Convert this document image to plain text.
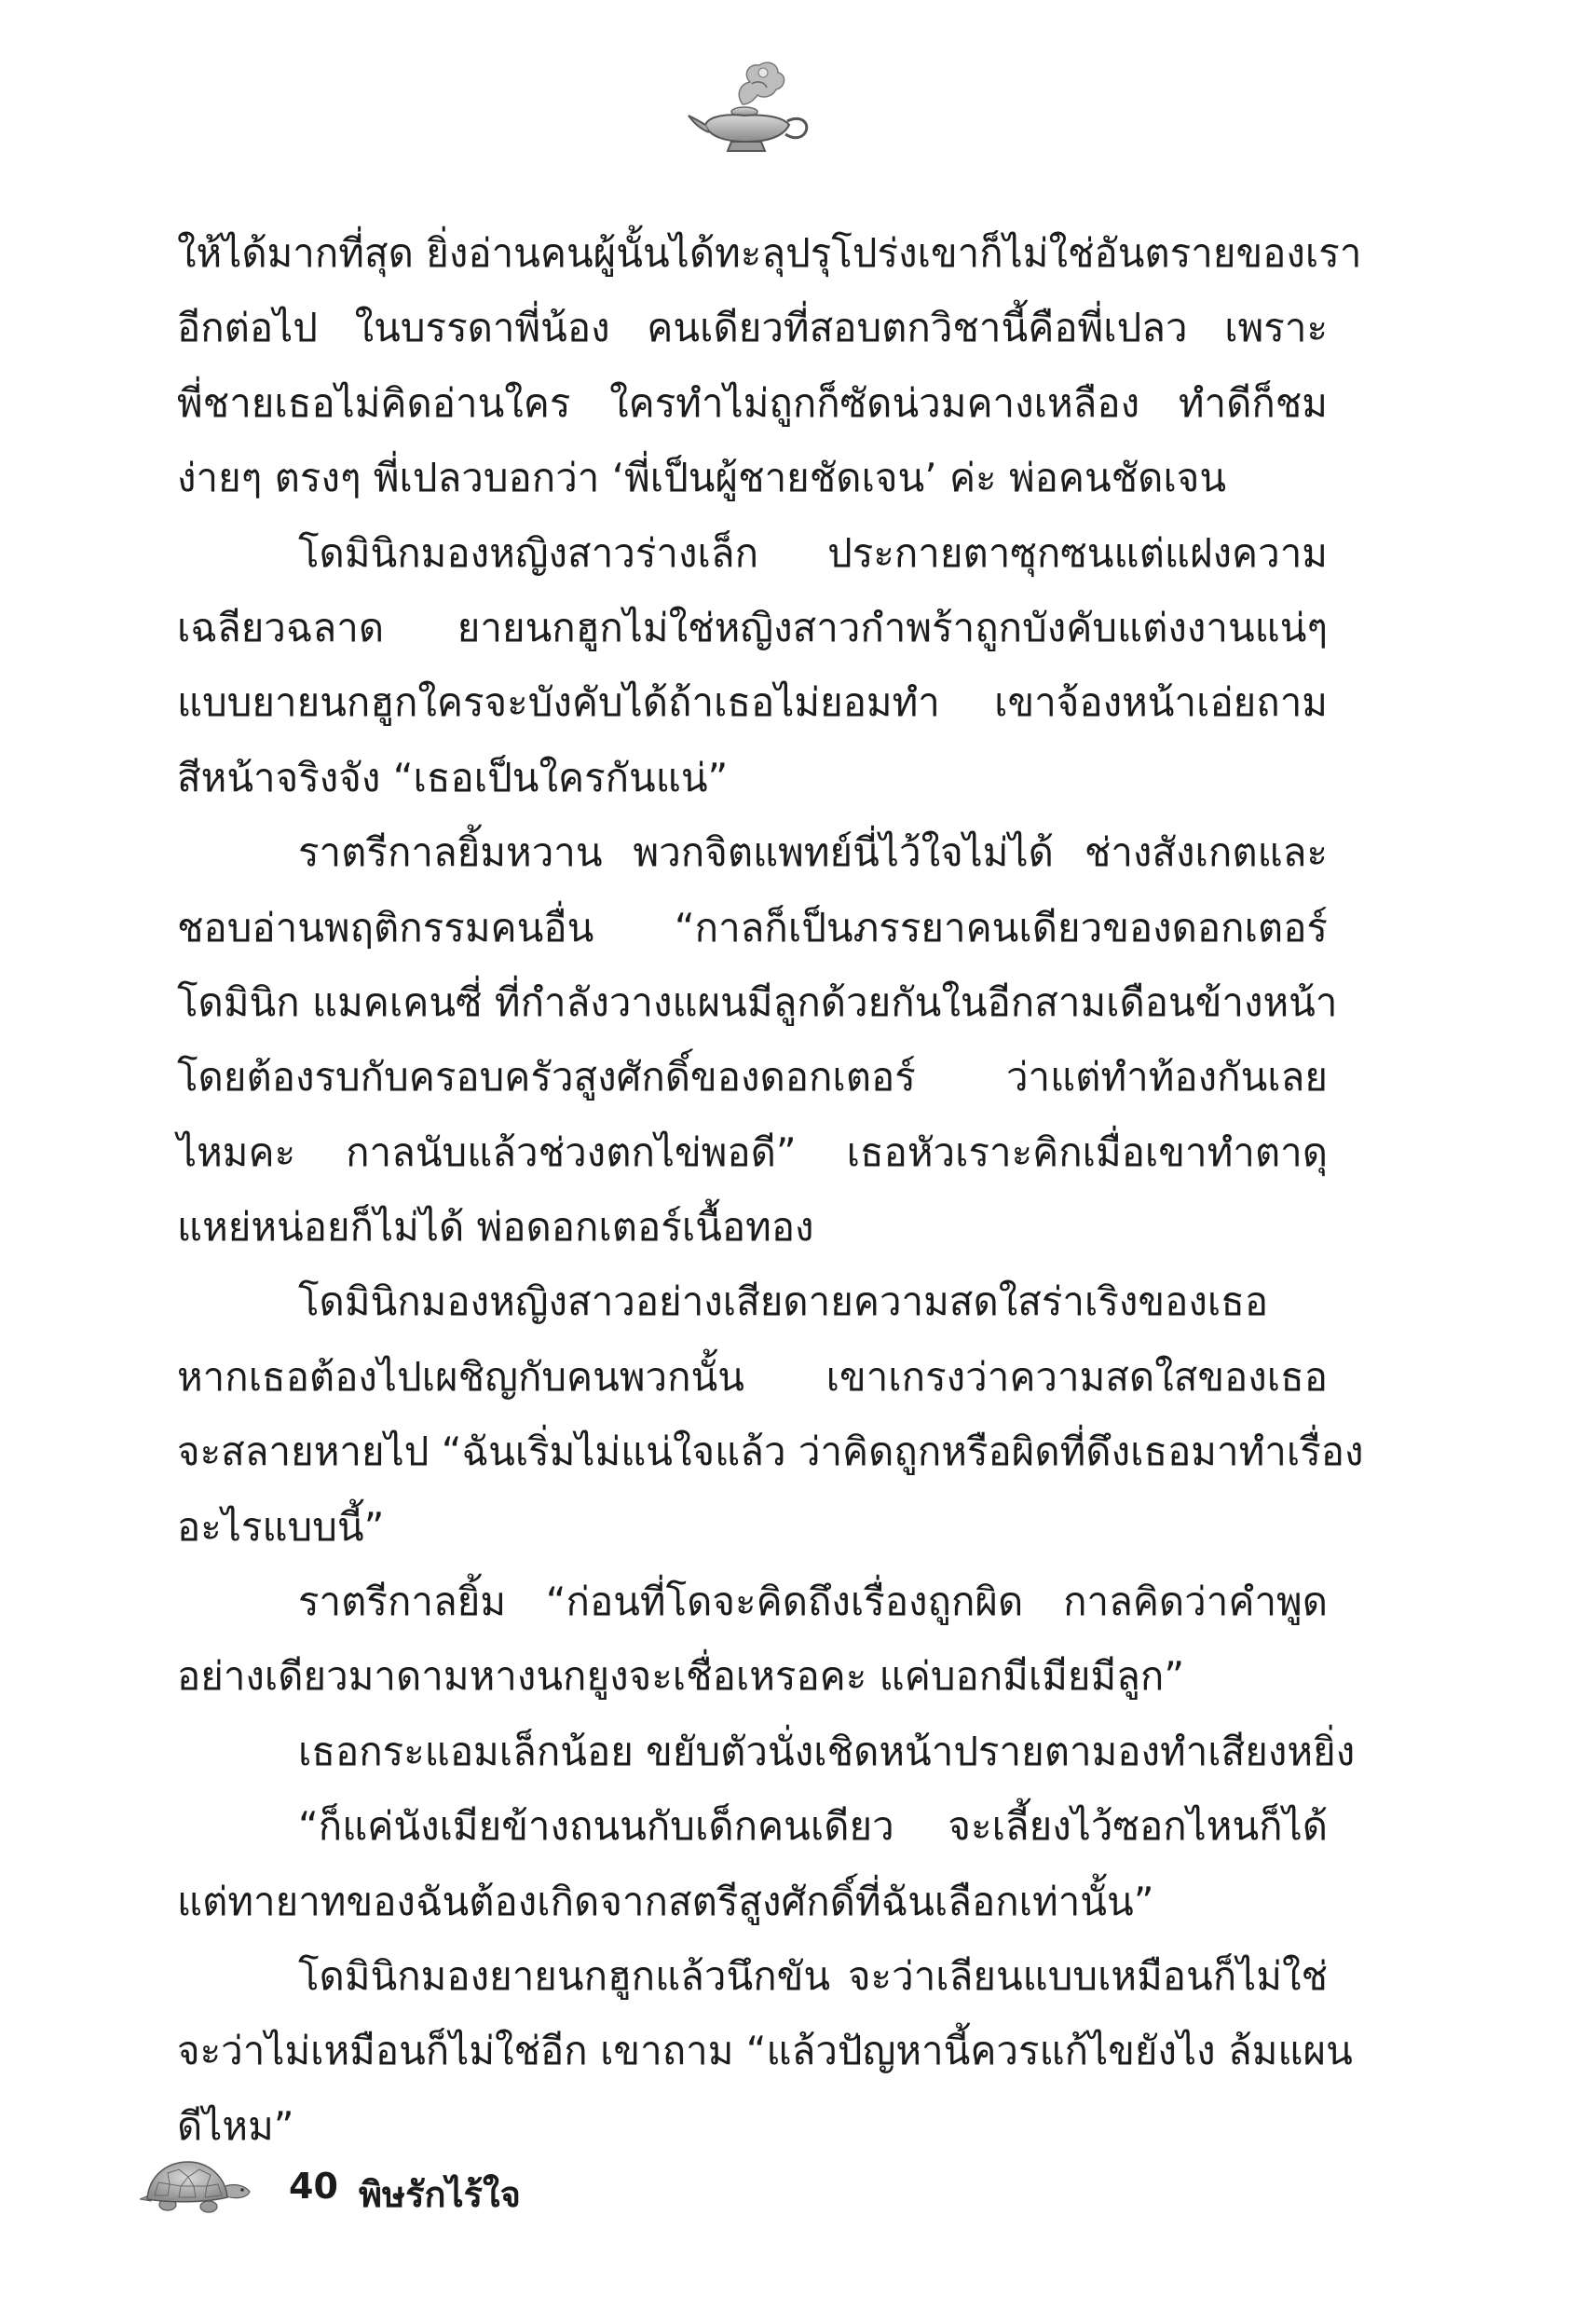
ให้ได้มากที่สุด ยิ่งอ่านคนผู้นั้นได้ทะลุปรุโปร่งเขาก็ไม่ใช่อันตรายของเรา
อีกต่อไป ในบรรดาพี่น้อง คนเดียวที่สอบตกวิชานี้คือพี่เปลว เพราะ
พี่ชายเธอไม่คิดอ่านใคร ใครทำไม่ถูกก็ซัดน่วมคางเหลือง ทำดีก็ชม
ง่ายๆ ตรงๆ พี่เปลวบอกว่า ‘พี่เป็นผู้ชายชัดเจน’ ค่ะ พ่อคนชัดเจน
โดมินิกมองหญิงสาวร่างเล็ก ประกายตาซุกซนแต่แฝงความ
เฉลียวฉลาด ยายนกฮูกไม่ใช่หญิงสาวกำพร้าถูกบังคับแต่งงานแน่ๆ
แบบยายนกฮูกใครจะบังคับได้ถ้าเธอไม่ยอมทำ เขาจ้องหน้าเอ่ยถาม
สีหน้าจริงจัง “เธอเป็นใครกันแน่”
ราตรีกาลยิ้มหวาน พวกจิตแพทย์นี่ไว้ใจไม่ได้ ช่างสังเกตและ
ชอบอ่านพฤติกรรมคนอื่น “กาลก็เป็นภรรยาคนเดียวของดอกเตอร์
โดมินิก แมคเคนซี่ ที่กำลังวางแผนมีลูกด้วยกันในอีกสามเดือนข้างหน้า
โดยต้องรบกับครอบครัวสูงศักดิ์ของดอกเตอร์ ว่าแต่ทำท้องกันเลย
ไหมคะ กาลนับแล้วช่วงตกไข่พอดี” เธอหัวเราะคิกเมื่อเขาทำตาดุ
แหย่หน่อยก็ไม่ได้ พ่อดอกเตอร์เนื้อทอง
โดมินิกมองหญิงสาวอย่างเสียดายความสดใสร่าเริงของเธอ
หากเธอต้องไปเผชิญกับคนพวกนั้น เขาเกรงว่าความสดใสของเธอ
จะสลายหายไป “ฉันเริ่มไม่แน่ใจแล้ว ว่าคิดถูกหรือผิดที่ดึงเธอมาทำเรื่อง
อะไรแบบนี้”
ราตรีกาลยิ้ม “ก่อนที่โดจะคิดถึงเรื่องถูกผิด กาลคิดว่าคำพูด
อย่างเดียวมาดามหางนกยูงจะเชื่อเหรอคะ แค่บอกมีเมียมีลูก”
เธอกระแอมเล็กน้อย ขยับตัวนั่งเชิดหน้าปรายตามองทำเสียงหยิ่ง
“ก็แค่นังเมียข้างถนนกับเด็กคนเดียว จะเลี้ยงไว้ซอกไหนก็ได้
แต่ทายาทของฉันต้องเกิดจากสตรีสูงศักดิ์ที่ฉันเลือกเท่านั้น”
โดมินิกมองยายนกฮูกแล้วนึกขัน จะว่าเลียนแบบเหมือนก็ไม่ใช่
จะว่าไม่เหมือนก็ไม่ใช่อีก เขาถาม “แล้วปัญหานี้ควรแก้ไขยังไง ล้มแผน
ดีไหม”
40 พิษรักไร้ใจ
